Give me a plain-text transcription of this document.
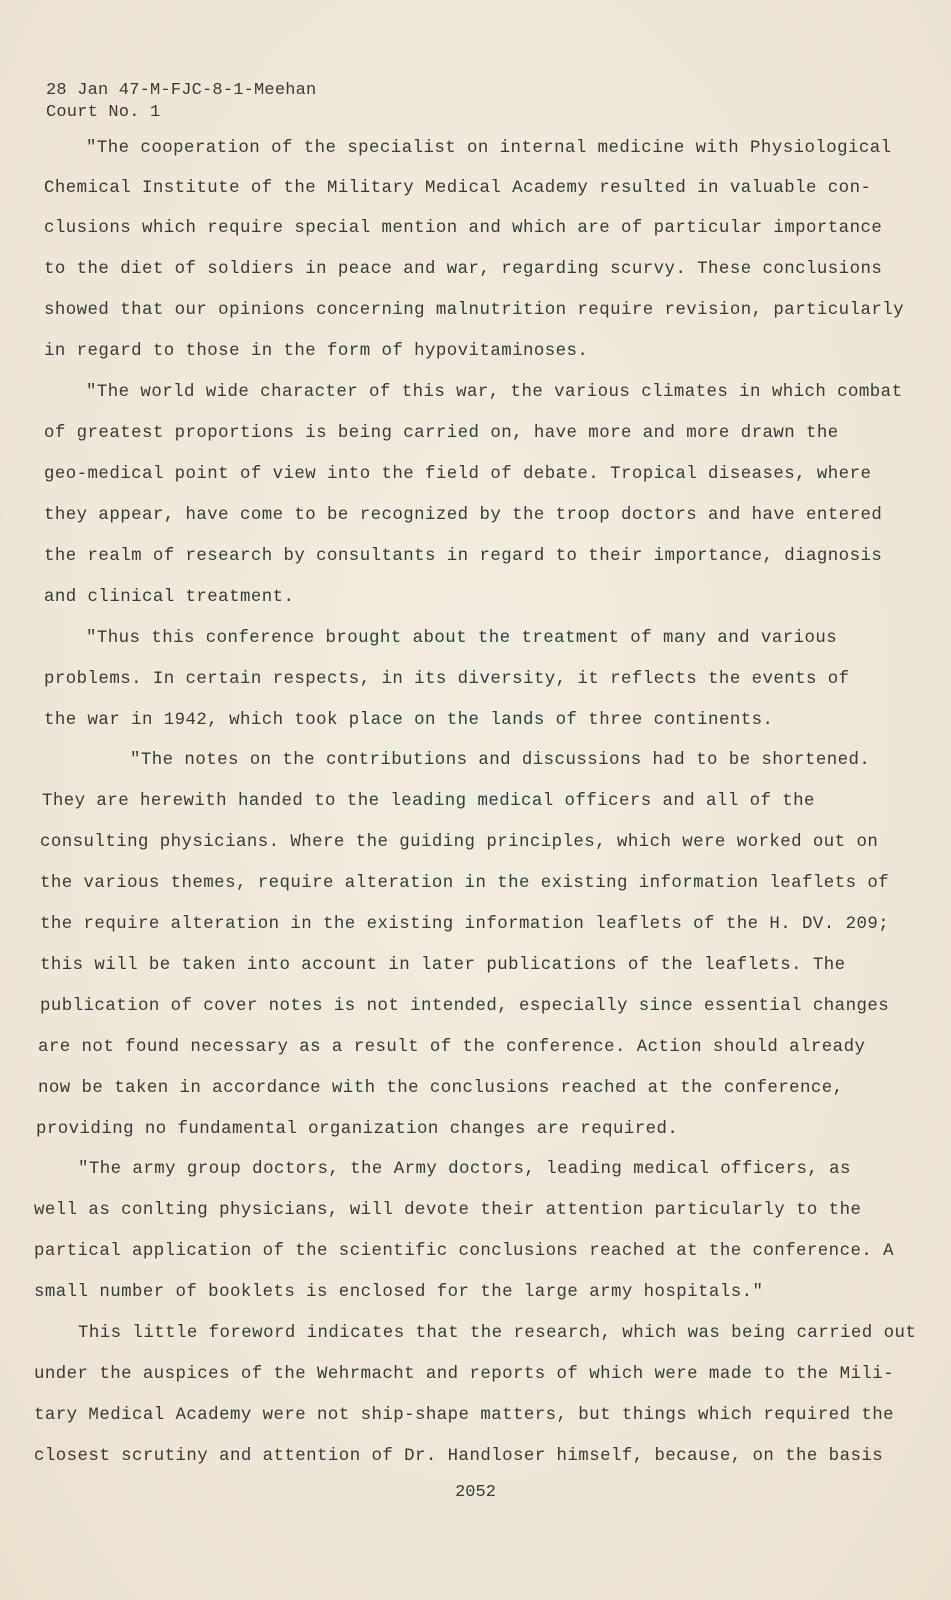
28 Jan 47-M-FJC-8-1-Meehan
Court No. 1
"The cooperation of the specialist on internal medicine with Physiological
Chemical Institute of the Military Medical Academy resulted in valuable con-
clusions which require special mention and which are of particular importance
to the diet of soldiers in peace and war, regarding scurvy. These conclusions
showed that our opinions concerning malnutrition require revision, particularly
in regard to those in the form of hypovitaminoses.
"The world wide character of this war, the various climates in which combat
of greatest proportions is being carried on, have more and more drawn the
geo-medical point of view into the field of debate. Tropical diseases, where
they appear, have come to be recognized by the troop doctors and have entered
the realm of research by consultants in regard to their importance, diagnosis
and clinical treatment.
"Thus this conference brought about the treatment of many and various
problems. In certain respects, in its diversity, it reflects the events of
the war in 1942, which took place on the lands of three continents.
"The notes on the contributions and discussions had to be shortened.
They are herewith handed to the leading medical officers and all of the
consulting physicians. Where the guiding principles, which were worked out on
the various themes, require alteration in the existing information leaflets of
the require alteration in the existing information leaflets of the H. DV. 209;
this will be taken into account in later publications of the leaflets. The
publication of cover notes is not intended, especially since essential changes
are not found necessary as a result of the conference. Action should already
now be taken in accordance with the conclusions reached at the conference,
providing no fundamental organization changes are required.
"The army group doctors, the Army doctors, leading medical officers, as
well as conlting physicians, will devote their attention particularly to the
partical application of the scientific conclusions reached at the conference. A
small number of booklets is enclosed for the large army hospitals."
This little foreword indicates that the research, which was being carried out
under the auspices of the Wehrmacht and reports of which were made to the Mili-
tary Medical Academy were not ship-shape matters, but things which required the
closest scrutiny and attention of Dr. Handloser himself, because, on the basis
2052
